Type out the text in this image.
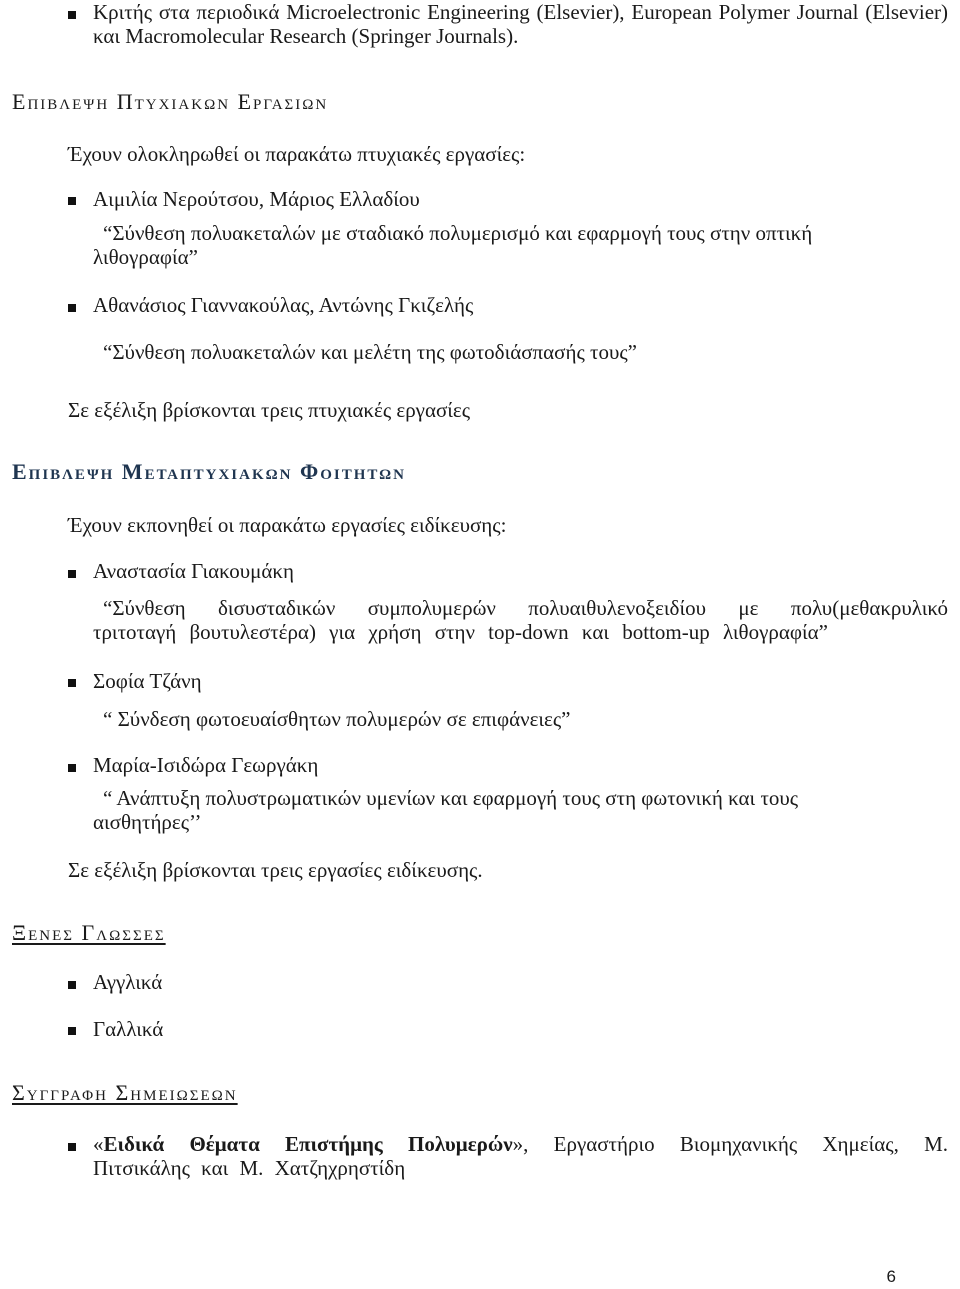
Κριτής στα περιοδικά Microelectronic Engineering (Elsevier), European Polymer Journal (Elsevier) και Macromolecular Research (Springer Journals).

Επιβλεψη Πτυχιακων Εργασιων

Έχουν ολοκληρωθεί οι παρακάτω πτυχιακές εργασίες:

Αιμιλία Νερούτσου, Μάριος Ελλαδίου

“Σύνθεση πολυακεταλών με σταδιακό πολυμερισμό και εφαρμογή τους στην οπτική λιθογραφία”

Αθανάσιος Γιαννακούλας, Αντώνης Γκιζελής

“Σύνθεση πολυακεταλών και μελέτη της φωτοδιάσπασής τους”

Σε εξέλιξη βρίσκονται τρεις πτυχιακές εργασίες

Επιβλεψη Μεταπτυχιακων Φοιτητων

Έχουν εκπονηθεί οι παρακάτω εργασίες ειδίκευσης:

Αναστασία Γιακουμάκη

“Σύνθεση δισυσταδικών συμπολυμερών πολυαιθυλενοξειδίου με πολυ(μεθακρυλικό τριτοταγή βουτυλεστέρα) για χρήση στην top-down και bottom-up λιθογραφία”

Σοφία Τζάνη

“ Σύνδεση φωτοευαίσθητων πολυμερών σε επιφάνειες”

Μαρία-Ισιδώρα Γεωργάκη

“ Ανάπτυξη πολυστρωματικών υμενίων και εφαρμογή τους στη φωτονική και τους αισθητήρες’’

Σε εξέλιξη βρίσκονται τρεις εργασίες ειδίκευσης.

Ξενες Γλωσσες

Αγγλικά

Γαλλικά

Συγγραφη Σημειωσεων

«Ειδικά Θέματα Επιστήμης Πολυμερών», Εργαστήριο Βιομηχανικής Χημείας, Μ. Πιτσικάλης και Μ. Χατζηχρηστίδη

6
